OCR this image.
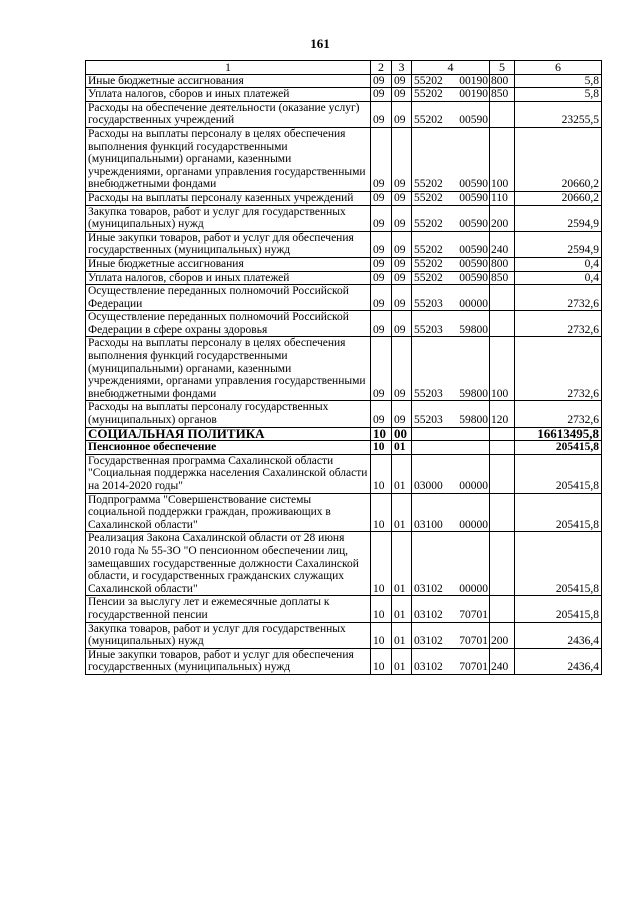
161
1	2	3	4	5	6
Иные бюджетные ассигнования	09	09	55202 00190	800	5,8
Уплата налогов, сборов и иных платежей	09	09	55202 00190	850	5,8
Расходы на обеспечение деятельности (оказание услуг) государственных учреждений	09	09	55202 00590		23255,5
Расходы на выплаты персоналу в целях обеспечения выполнения функций государственными (муниципальными) органами, казенными учреждениями, органами управления государственными внебюджетными фондами	09	09	55202 00590	100	20660,2
Расходы на выплаты персоналу казенных учреждений	09	09	55202 00590	110	20660,2
Закупка товаров, работ и услуг для государственных (муниципальных) нужд	09	09	55202 00590	200	2594,9
Иные закупки товаров, работ и услуг для обеспечения государственных (муниципальных) нужд	09	09	55202 00590	240	2594,9
Иные бюджетные ассигнования	09	09	55202 00590	800	0,4
Уплата налогов, сборов и иных платежей	09	09	55202 00590	850	0,4
Осуществление переданных полномочий Российской Федерации	09	09	55203 00000		2732,6
Осуществление переданных полномочий Российской Федерации в сфере охраны здоровья	09	09	55203 59800		2732,6
Расходы на выплаты персоналу в целях обеспечения выполнения функций государственными (муниципальными) органами, казенными учреждениями, органами управления государственными внебюджетными фондами	09	09	55203 59800	100	2732,6
Расходы на выплаты персоналу государственных (муниципальных) органов	09	09	55203 59800	120	2732,6
СОЦИАЛЬНАЯ ПОЛИТИКА	10	00			16613495,8
Пенсионное обеспечение	10	01			205415,8
Государственная программа Сахалинской области "Социальная поддержка населения Сахалинской области на 2014-2020 годы"	10	01	03000 00000		205415,8
Подпрограмма "Совершенствование системы социальной поддержки граждан, проживающих в Сахалинской области"	10	01	03100 00000		205415,8
Реализация Закона Сахалинской области от 28 июня 2010 года № 55-ЗО "О пенсионном обеспечении лиц, замещавших государственные должности Сахалинской области, и государственных гражданских служащих Сахалинской области"	10	01	03102 00000		205415,8
Пенсии за выслугу лет и ежемесячные доплаты к государственной пенсии	10	01	03102 70701		205415,8
Закупка товаров, работ и услуг для государственных (муниципальных) нужд	10	01	03102 70701	200	2436,4
Иные закупки товаров, работ и услуг для обеспечения государственных (муниципальных) нужд	10	01	03102 70701	240	2436,4
